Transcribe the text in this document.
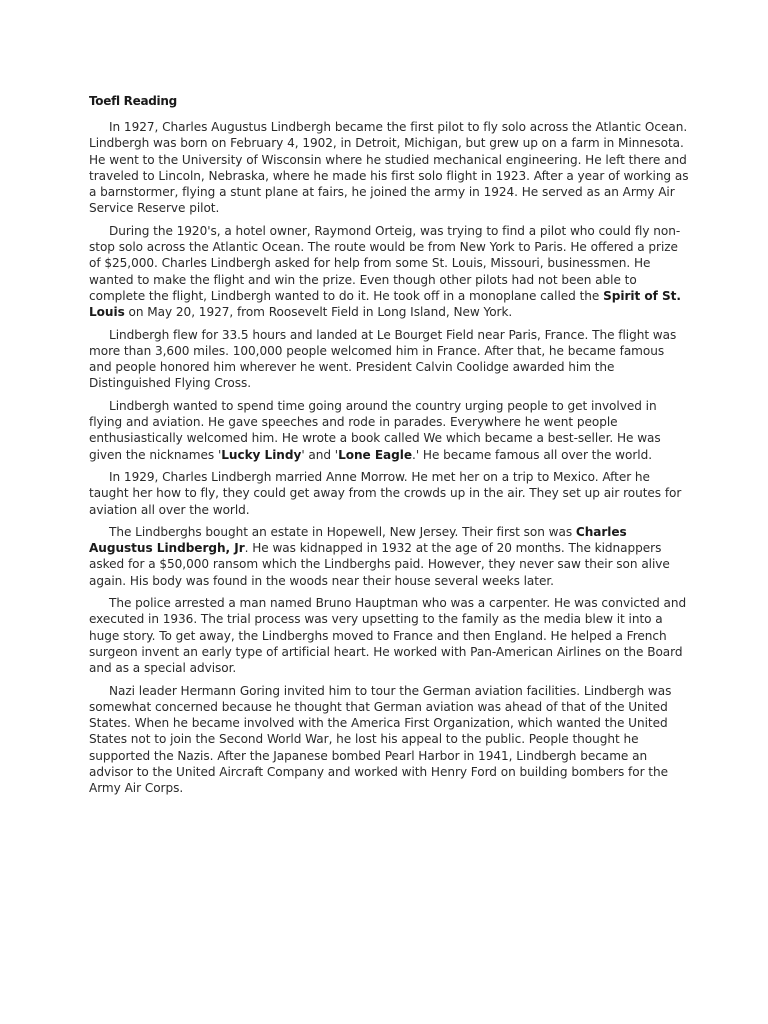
Toefl Reading

In 1927, Charles Augustus Lindbergh became the first pilot to fly solo across the Atlantic Ocean. Lindbergh was born on February 4, 1902, in Detroit, Michigan, but grew up on a farm in Minnesota. He went to the University of Wisconsin where he studied mechanical engineering. He left there and traveled to Lincoln, Nebraska, where he made his first solo flight in 1923. After a year of working as a barnstormer, flying a stunt plane at fairs, he joined the army in 1924. He served as an Army Air Service Reserve pilot.

During the 1920's, a hotel owner, Raymond Orteig, was trying to find a pilot who could fly non-stop solo across the Atlantic Ocean. The route would be from New York to Paris. He offered a prize of $25,000. Charles Lindbergh asked for help from some St. Louis, Missouri, businessmen. He wanted to make the flight and win the prize. Even though other pilots had not been able to complete the flight, Lindbergh wanted to do it. He took off in a monoplane called the Spirit of St. Louis on May 20, 1927, from Roosevelt Field in Long Island, New York.

Lindbergh flew for 33.5 hours and landed at Le Bourget Field near Paris, France. The flight was more than 3,600 miles. 100,000 people welcomed him in France. After that, he became famous and people honored him wherever he went. President Calvin Coolidge awarded him the Distinguished Flying Cross.

Lindbergh wanted to spend time going around the country urging people to get involved in flying and aviation. He gave speeches and rode in parades. Everywhere he went people enthusiastically welcomed him. He wrote a book called We which became a best-seller. He was given the nicknames 'Lucky Lindy' and 'Lone Eagle.' He became famous all over the world.

In 1929, Charles Lindbergh married Anne Morrow. He met her on a trip to Mexico. After he taught her how to fly, they could get away from the crowds up in the air. They set up air routes for aviation all over the world.

The Lindberghs bought an estate in Hopewell, New Jersey. Their first son was Charles Augustus Lindbergh, Jr. He was kidnapped in 1932 at the age of 20 months. The kidnappers asked for a $50,000 ransom which the Lindberghs paid. However, they never saw their son alive again. His body was found in the woods near their house several weeks later.

The police arrested a man named Bruno Hauptman who was a carpenter. He was convicted and executed in 1936. The trial process was very upsetting to the family as the media blew it into a huge story. To get away, the Lindberghs moved to France and then England. He helped a French surgeon invent an early type of artificial heart. He worked with Pan-American Airlines on the Board and as a special advisor.

Nazi leader Hermann Goring invited him to tour the German aviation facilities. Lindbergh was somewhat concerned because he thought that German aviation was ahead of that of the United States. When he became involved with the America First Organization, which wanted the United States not to join the Second World War, he lost his appeal to the public. People thought he supported the Nazis. After the Japanese bombed Pearl Harbor in 1941, Lindbergh became an advisor to the United Aircraft Company and worked with Henry Ford on building bombers for the Army Air Corps.
